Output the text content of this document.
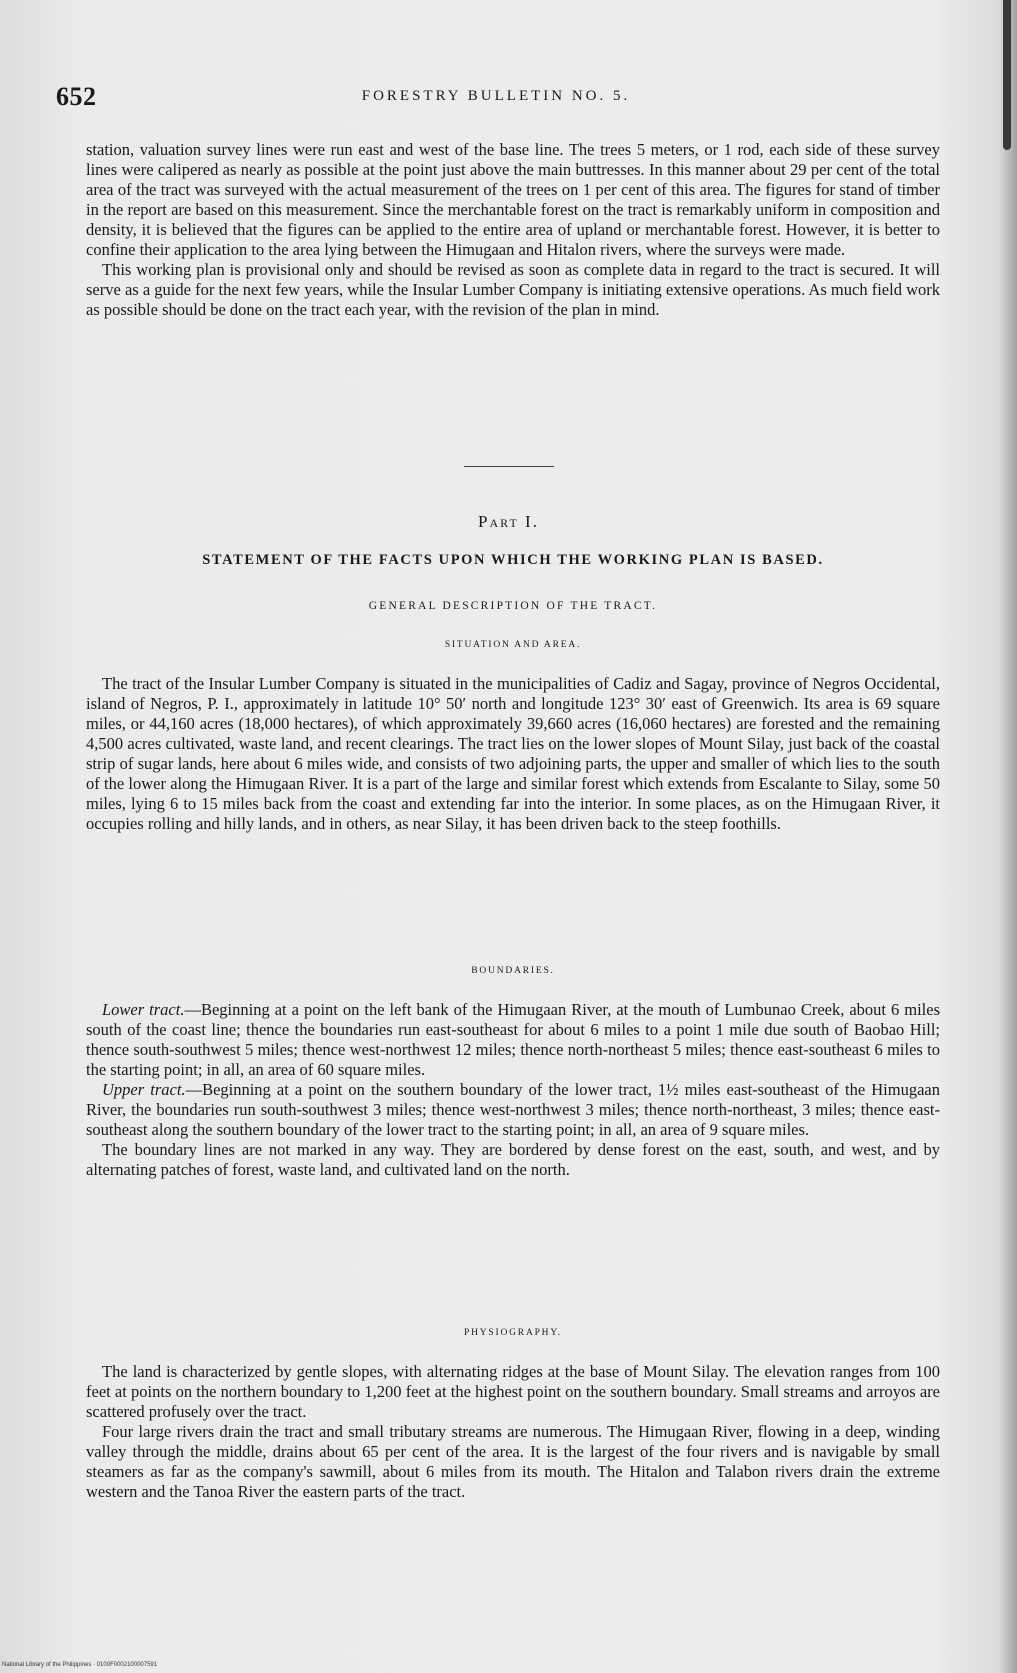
652	FORESTRY BULLETIN NO. 5.

station, valuation survey lines were run east and west of the base line. The trees 5 meters, or 1 rod, each side of these survey lines were calipered as nearly as possible at the point just above the main buttresses. In this manner about 29 per cent of the total area of the tract was surveyed with the actual measurement of the trees on 1 per cent of this area. The figures for stand of timber in the report are based on this measurement. Since the merchantable forest on the tract is remarkably uniform in composition and density, it is believed that the figures can be applied to the entire area of upland or merchantable forest. However, it is better to confine their application to the area lying between the Himugaan and Hitalon rivers, where the surveys were made.

This working plan is provisional only and should be revised as soon as complete data in regard to the tract is secured. It will serve as a guide for the next few years, while the Insular Lumber Company is initiating extensive operations. As much field work as possible should be done on the tract each year, with the revision of the plan in mind.

Part I.
STATEMENT OF THE FACTS UPON WHICH THE WORKING PLAN IS BASED.
GENERAL DESCRIPTION OF THE TRACT.
SITUATION AND AREA.

The tract of the Insular Lumber Company is situated in the municipalities of Cadiz and Sagay, province of Negros Occidental, island of Negros, P. I., approximately in latitude 10° 50′ north and longitude 123° 30′ east of Greenwich. Its area is 69 square miles, or 44,160 acres (18,000 hectares), of which approximately 39,660 acres (16,060 hectares) are forested and the remaining 4,500 acres cultivated, waste land, and recent clearings. The tract lies on the lower slopes of Mount Silay, just back of the coastal strip of sugar lands, here about 6 miles wide, and consists of two adjoining parts, the upper and smaller of which lies to the south of the lower along the Himugaan River. It is a part of the large and similar forest which extends from Escalante to Silay, some 50 miles, lying 6 to 15 miles back from the coast and extending far into the interior. In some places, as on the Himugaan River, it occupies rolling and hilly lands, and in others, as near Silay, it has been driven back to the steep foothills.

BOUNDARIES.

Lower tract.—Beginning at a point on the left bank of the Himugaan River, at the mouth of Lumbunao Creek, about 6 miles south of the coast line; thence the boundaries run east-southeast for about 6 miles to a point 1 mile due south of Baobao Hill; thence south-southwest 5 miles; thence west-northwest 12 miles; thence north-northeast 5 miles; thence east-southeast 6 miles to the starting point; in all, an area of 60 square miles.

Upper tract.—Beginning at a point on the southern boundary of the lower tract, 1½ miles east-southeast of the Himugaan River, the boundaries run south-southwest 3 miles; thence west-northwest 3 miles; thence north-northeast, 3 miles; thence east-southeast along the southern boundary of the lower tract to the starting point; in all, an area of 9 square miles.

The boundary lines are not marked in any way. They are bordered by dense forest on the east, south, and west, and by alternating patches of forest, waste land, and cultivated land on the north.

PHYSIOGRAPHY.

The land is characterized by gentle slopes, with alternating ridges at the base of Mount Silay. The elevation ranges from 100 feet at points on the northern boundary to 1,200 feet at the highest point on the southern boundary. Small streams and arroyos are scattered profusely over the tract.

Four large rivers drain the tract and small tributary streams are numerous. The Himugaan River, flowing in a deep, winding valley through the middle, drains about 65 per cent of the area. It is the largest of the four rivers and is navigable by small steamers as far as the company's sawmill, about 6 miles from its mouth. The Hitalon and Talabon rivers drain the extreme western and the Tanoa River the eastern parts of the tract.

National Library of the Philippines · 0100F0002100007591
